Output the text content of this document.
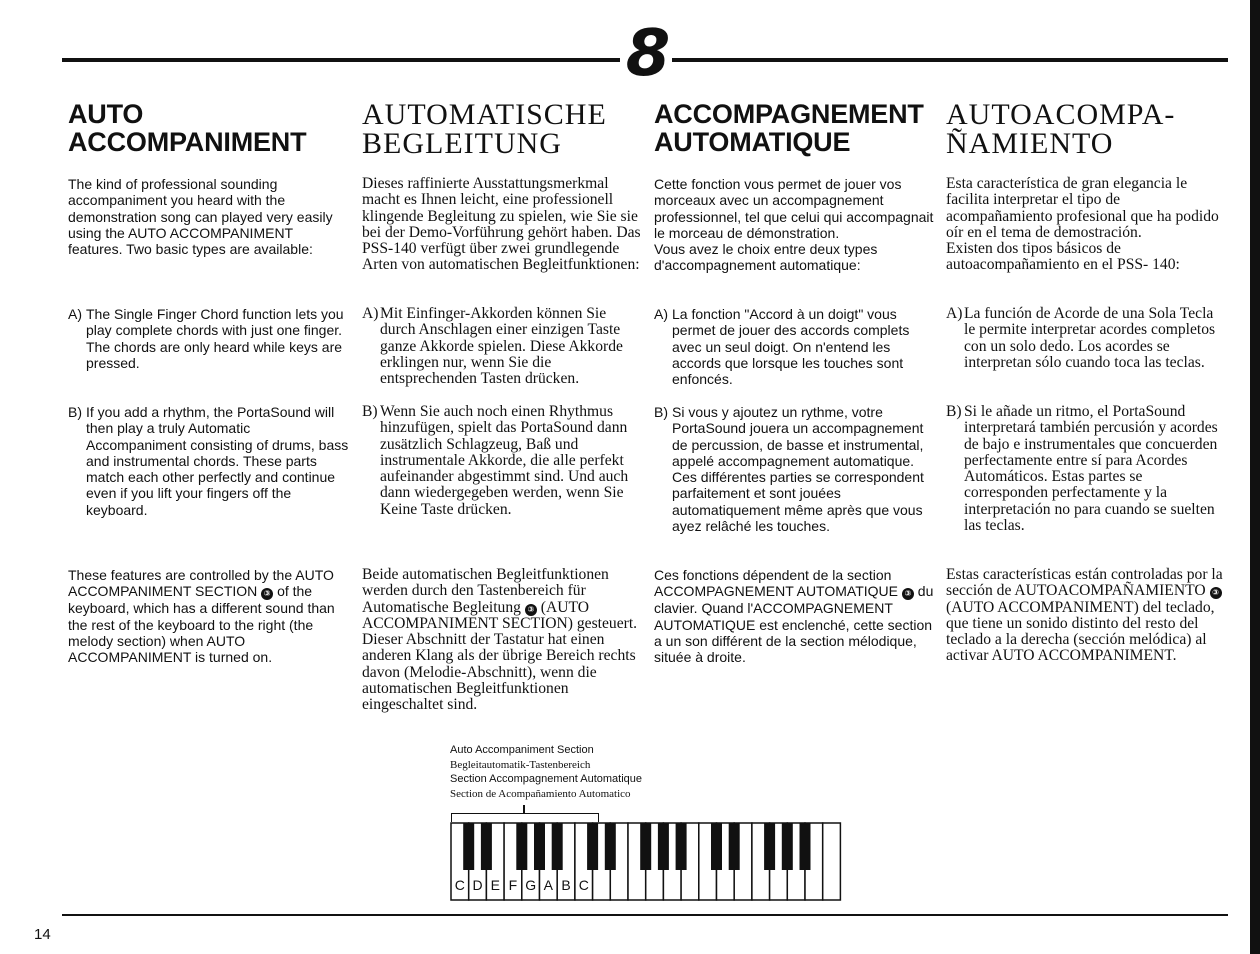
8
AUTO
ACCOMPANIMENT

The kind of professional sounding accompaniment you heard with the demonstration song can played very easily using the AUTO ACCOMPANIMENT features. Two basic types are available:

A) The Single Finger Chord function lets you play complete chords with just one finger. The chords are only heard while keys are pressed.
B) If you add a rhythm, the PortaSound will then play a truly Automatic Accompaniment consisting of drums, bass and instrumental chords. These parts match each other perfectly and continue even if you lift your fingers off the keyboard.

These features are controlled by the AUTO ACCOMPANIMENT SECTION ③ of the keyboard, which has a different sound than the rest of the keyboard to the right (the melody section) when AUTO ACCOMPANIMENT is turned on.

AUTOMATISCHE
BEGLEITUNG

Dieses raffinierte Ausstattungsmerkmal macht es Ihnen leicht, eine professionell klingende Begleitung zu spielen, wie Sie sie bei der Demo-Vorführung gehört haben. Das PSS-140 verfügt über zwei grundlegende Arten von automatischen Begleitfunktionen:

A) Mit Einfinger-Akkorden können Sie durch Anschlagen einer einzigen Taste ganze Akkorde spielen. Diese Akkorde erklingen nur, wenn Sie die entsprechenden Tasten drücken.
B) Wenn Sie auch noch einen Rhythmus hinzufügen, spielt das PortaSound dann zusätzlich Schlagzeug, Baß und instrumentale Akkorde, die alle perfekt aufeinander abgestimmt sind. Und auch dann wiedergegeben werden, wenn Sie Keine Taste drücken.

Beide automatischen Begleitfunktionen werden durch den Tastenbereich für Automatische Begleitung ③ (AUTO ACCOMPANIMENT SECTION) gesteuert. Dieser Abschnitt der Tastatur hat einen anderen Klang als der übrige Bereich rechts davon (Melodie-Abschnitt), wenn die automatischen Begleitfunktionen eingeschaltet sind.

ACCOMPAGNEMENT
AUTOMATIQUE
Cette fonction vous permet de jouer vos morceaux avec un accompagnement professionnel, tel que celui qui accompagnait le morceau de démonstration.
Vous avez le choix entre deux types d'accompagnement automatique:
A) La fonction "Accord à un doigt" vous permet de jouer des accords complets avec un seul doigt. On n'entend les accords que lorsque les touches sont enfoncés.
B) Si vous y ajoutez un rythme, votre PortaSound jouera un accompagnement de percussion, de basse et instrumental, appelé accompagnement automatique. Ces différentes parties se correspondent parfaitement et sont jouées automatiquement même après que vous ayez relâché les touches.

Ces fonctions dépendent de la section ACCOMPAGNEMENT AUTOMATIQUE ③ du clavier. Quand l'ACCOMPAGNEMENT AUTOMATIQUE est enclenché, cette section a un son différent de la section mélodique, située à droite.

AUTOACOMPA-
ÑAMIENTO
Esta característica de gran elegancia le facilita interpretar el tipo de acompañamiento profesional que ha podido oír en el tema de demostración.
Existen dos tipos básicos de autoacompañamiento en el PSS- 140:
A) La función de Acorde de una Sola Tecla le permite interpretar acordes completos con un solo dedo. Los acordes se interpretan sólo cuando toca las teclas.
B) Si le añade un ritmo, el PortaSound interpretará también percusión y acordes de bajo e instrumentales que concuerden perfectamente entre sí para Acordes Automáticos. Estas partes se corresponden perfectamente y la interpretación no para cuando se suelten las teclas.

Estas características están controladas por la sección de AUTOACOMPAÑAMIENTO ③ (AUTO ACCOMPANIMENT) del teclado, que tiene un sonido distinto del resto del teclado a la derecha (sección melódica) al activar AUTO ACCOMPANIMENT.

Auto Accompaniment Section
Begleitautomatik-Tastenbereich
Section Accompagnement Automatique
Section de Acompañamiento Automatico
C D E F G A B C
14
